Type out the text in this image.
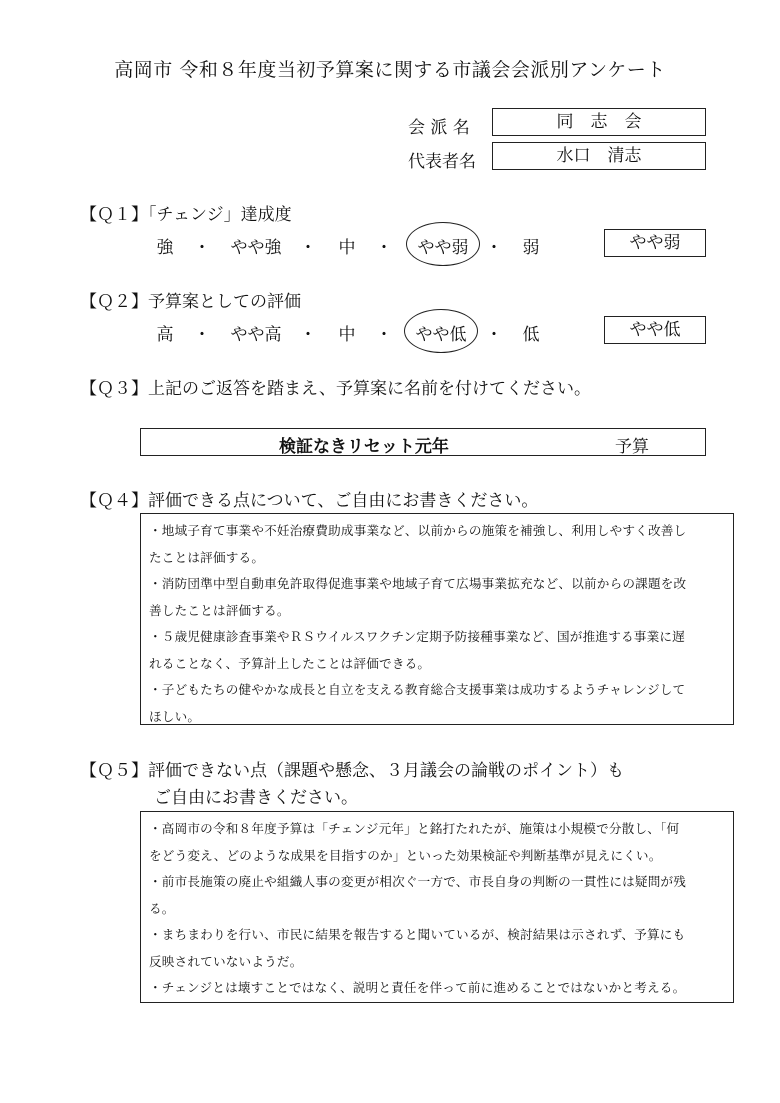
高岡市 令和８年度当初予算案に関する市議会会派別アンケート
会 派 名	同　志　会
代表者名	水口　清志
【Ｑ１】「チェンジ」達成度
強	・	やや強	・	中	・	やや弱	・	弱	やや弱
【Ｑ２】予算案としての評価
高	・	やや高	・	中	・	やや低	・	低	やや低
【Ｑ３】上記のご返答を踏まえ、予算案に名前を付けてください。
検証なきリセット元年	予算
【Ｑ４】評価できる点について、ご自由にお書きください。

・地域子育て事業や不妊治療費助成事業など、以前からの施策を補強し、利用しやすく改善し

たことは評価する。

・消防団準中型自動車免許取得促進事業や地域子育て広場事業拡充など、以前からの課題を改

善したことは評価する。

・５歳児健康診査事業やＲＳウイルスワクチン定期予防接種事業など、国が推進する事業に遅

れることなく、予算計上したことは評価できる。

・子どもたちの健やかな成長と自立を支える教育総合支援事業は成功するようチャレンジして

ほしい。

【Ｑ５】評価できない点（課題や懸念、３月議会の論戦のポイント）も
ご自由にお書きください。

・高岡市の令和８年度予算は「チェンジ元年」と銘打たれたが、施策は小規模で分散し、「何

をどう変え、どのような成果を目指すのか」といった効果検証や判断基準が見えにくい。

・前市長施策の廃止や組織人事の変更が相次ぐ一方で、市長自身の判断の一貫性には疑問が残

る。

・まちまわりを行い、市民に結果を報告すると聞いているが、検討結果は示されず、予算にも

反映されていないようだ。

・チェンジとは壊すことではなく、説明と責任を伴って前に進めることではないかと考える。
